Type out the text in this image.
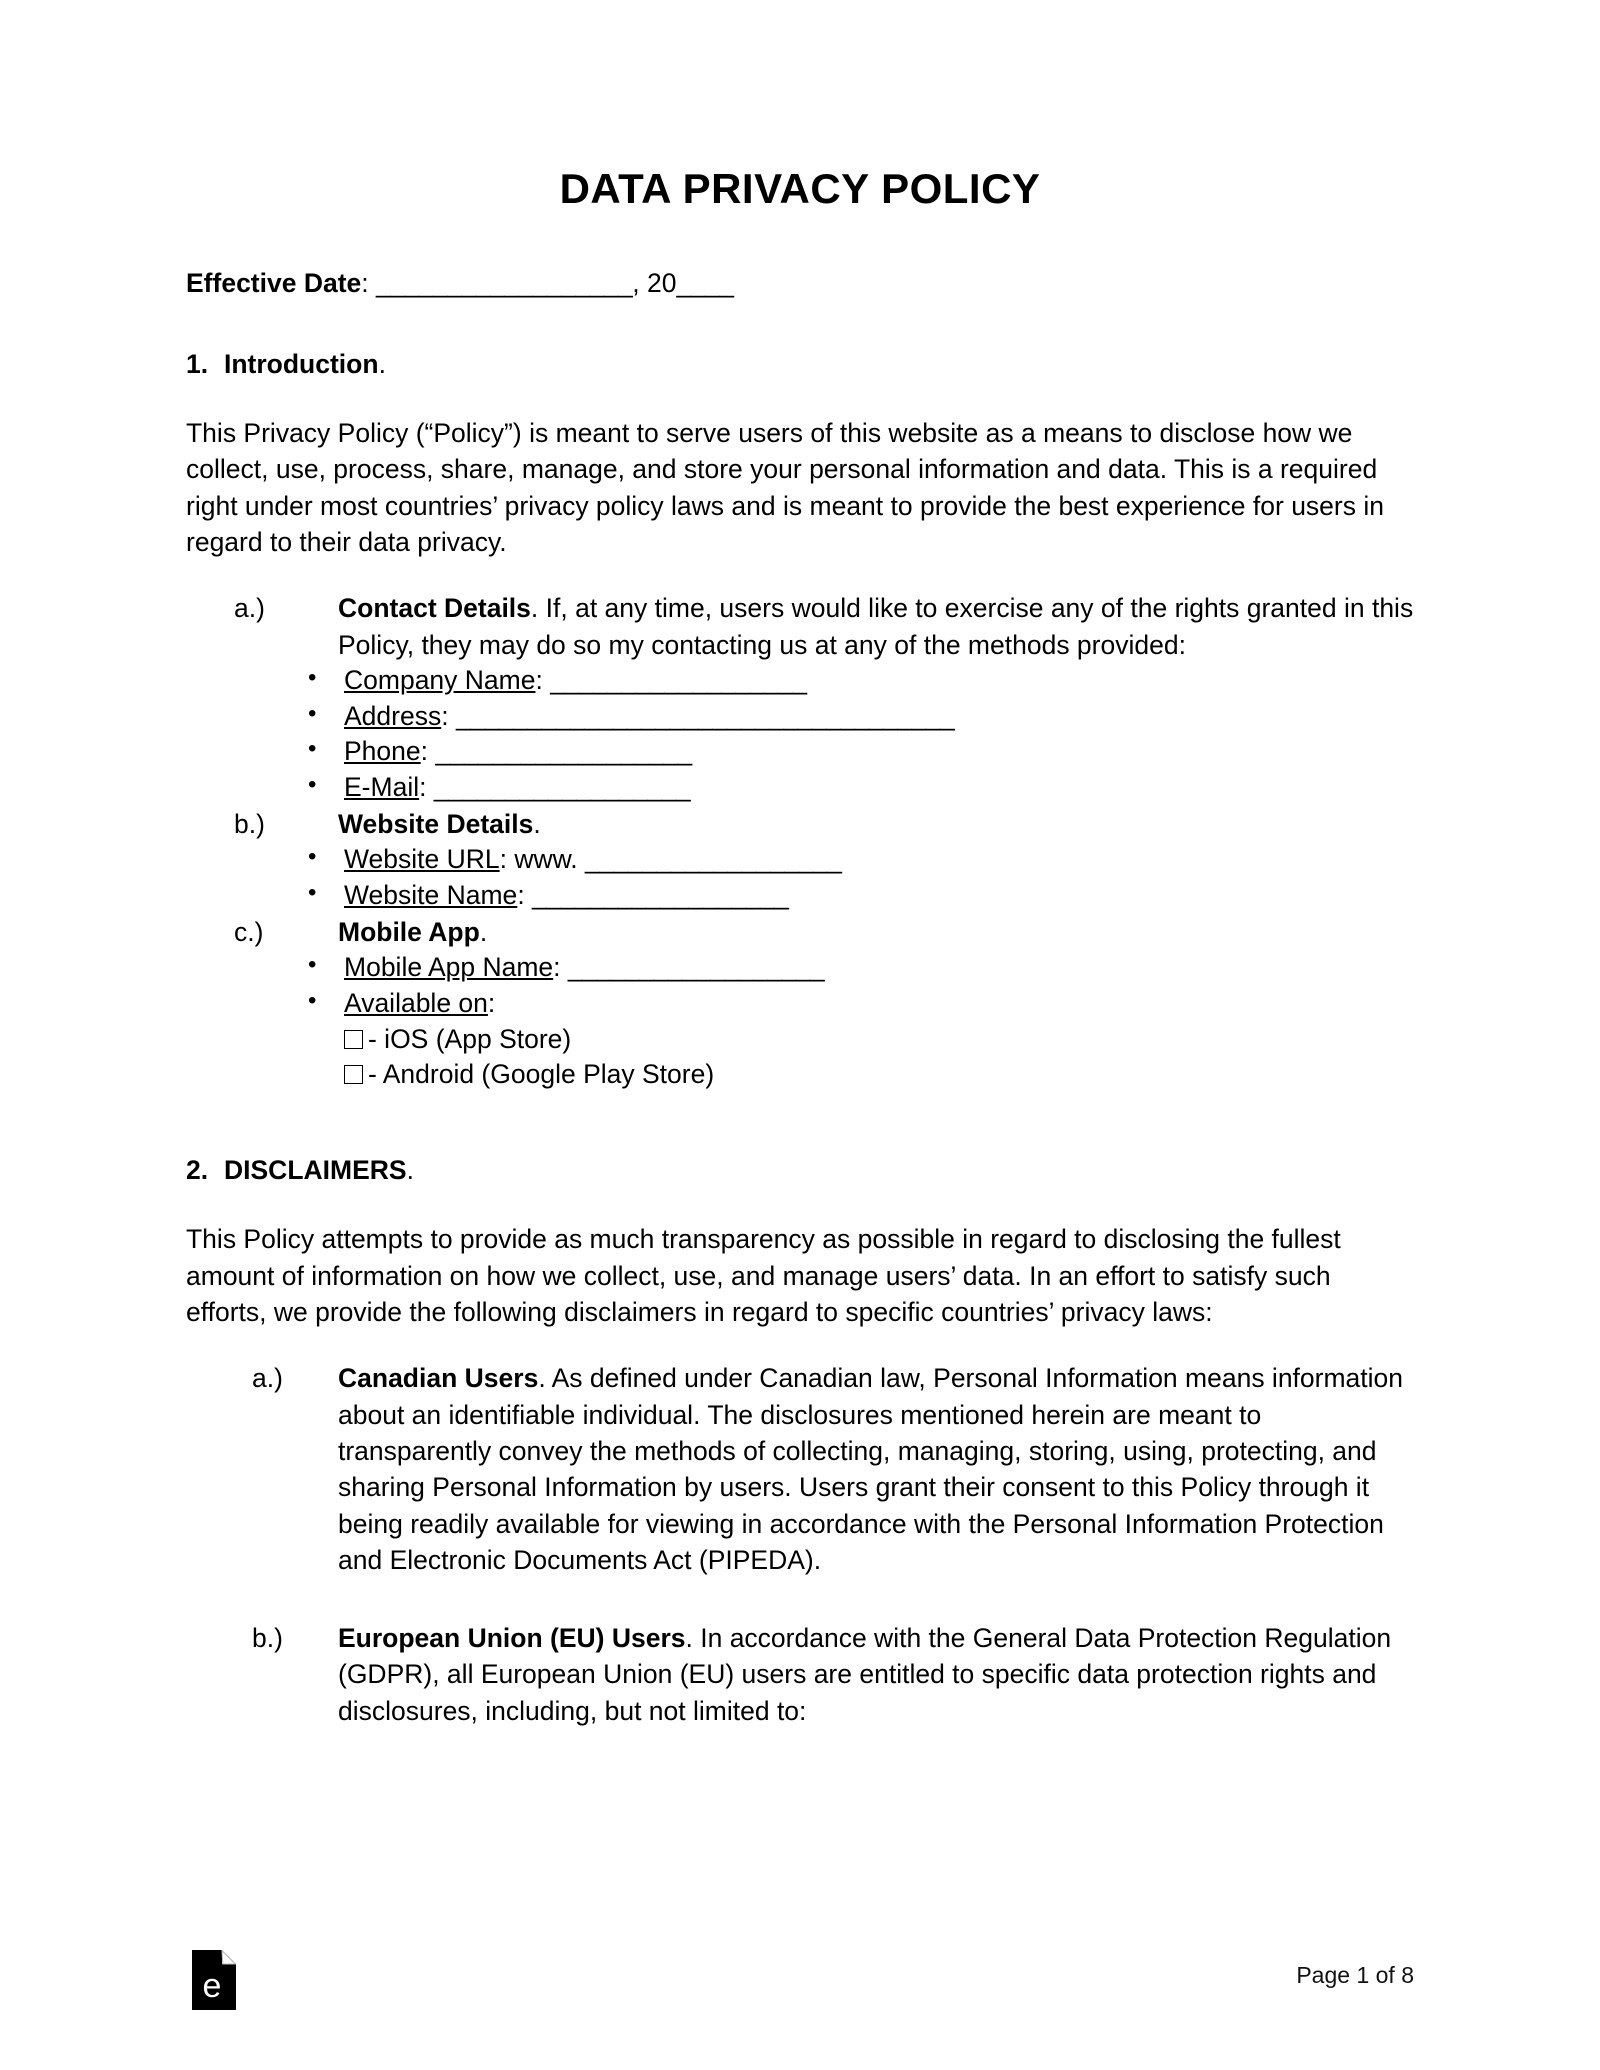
DATA PRIVACY POLICY
Effective Date: __________________, 20____
1. Introduction.

This Privacy Policy (“Policy”) is meant to serve users of this website as a means to disclose how we collect, use, process, share, manage, and store your personal information and data. This is a required right under most countries’ privacy policy laws and is meant to provide the best experience for users in regard to their data privacy.

a.)	Contact Details. If, at any time, users would like to exercise any of the rights granted in this Policy, they may do so my contacting us at any of the methods provided:
• Company Name: __________________
• Address: ___________________________________
• Phone: __________________
• E-Mail: __________________
b.)	Website Details.
• Website URL: www. __________________
• Website Name: __________________
c.)	Mobile App.
• Mobile App Name: __________________
• Available on:
- iOS (App Store)
- Android (Google Play Store)
2. DISCLAIMERS.

This Policy attempts to provide as much transparency as possible in regard to disclosing the fullest amount of information on how we collect, use, and manage users’ data. In an effort to satisfy such efforts, we provide the following disclaimers in regard to specific countries’ privacy laws:

a.)	Canadian Users. As defined under Canadian law, Personal Information means information about an identifiable individual. The disclosures mentioned herein are meant to transparently convey the methods of collecting, managing, storing, using, protecting, and sharing Personal Information by users. Users grant their consent to this Policy through it being readily available for viewing in accordance with the Personal Information Protection and Electronic Documents Act (PIPEDA).
b.)	European Union (EU) Users. In accordance with the General Data Protection Regulation (GDPR), all European Union (EU) users are entitled to specific data protection rights and disclosures, including, but not limited to:
e	Page 1 of 8
